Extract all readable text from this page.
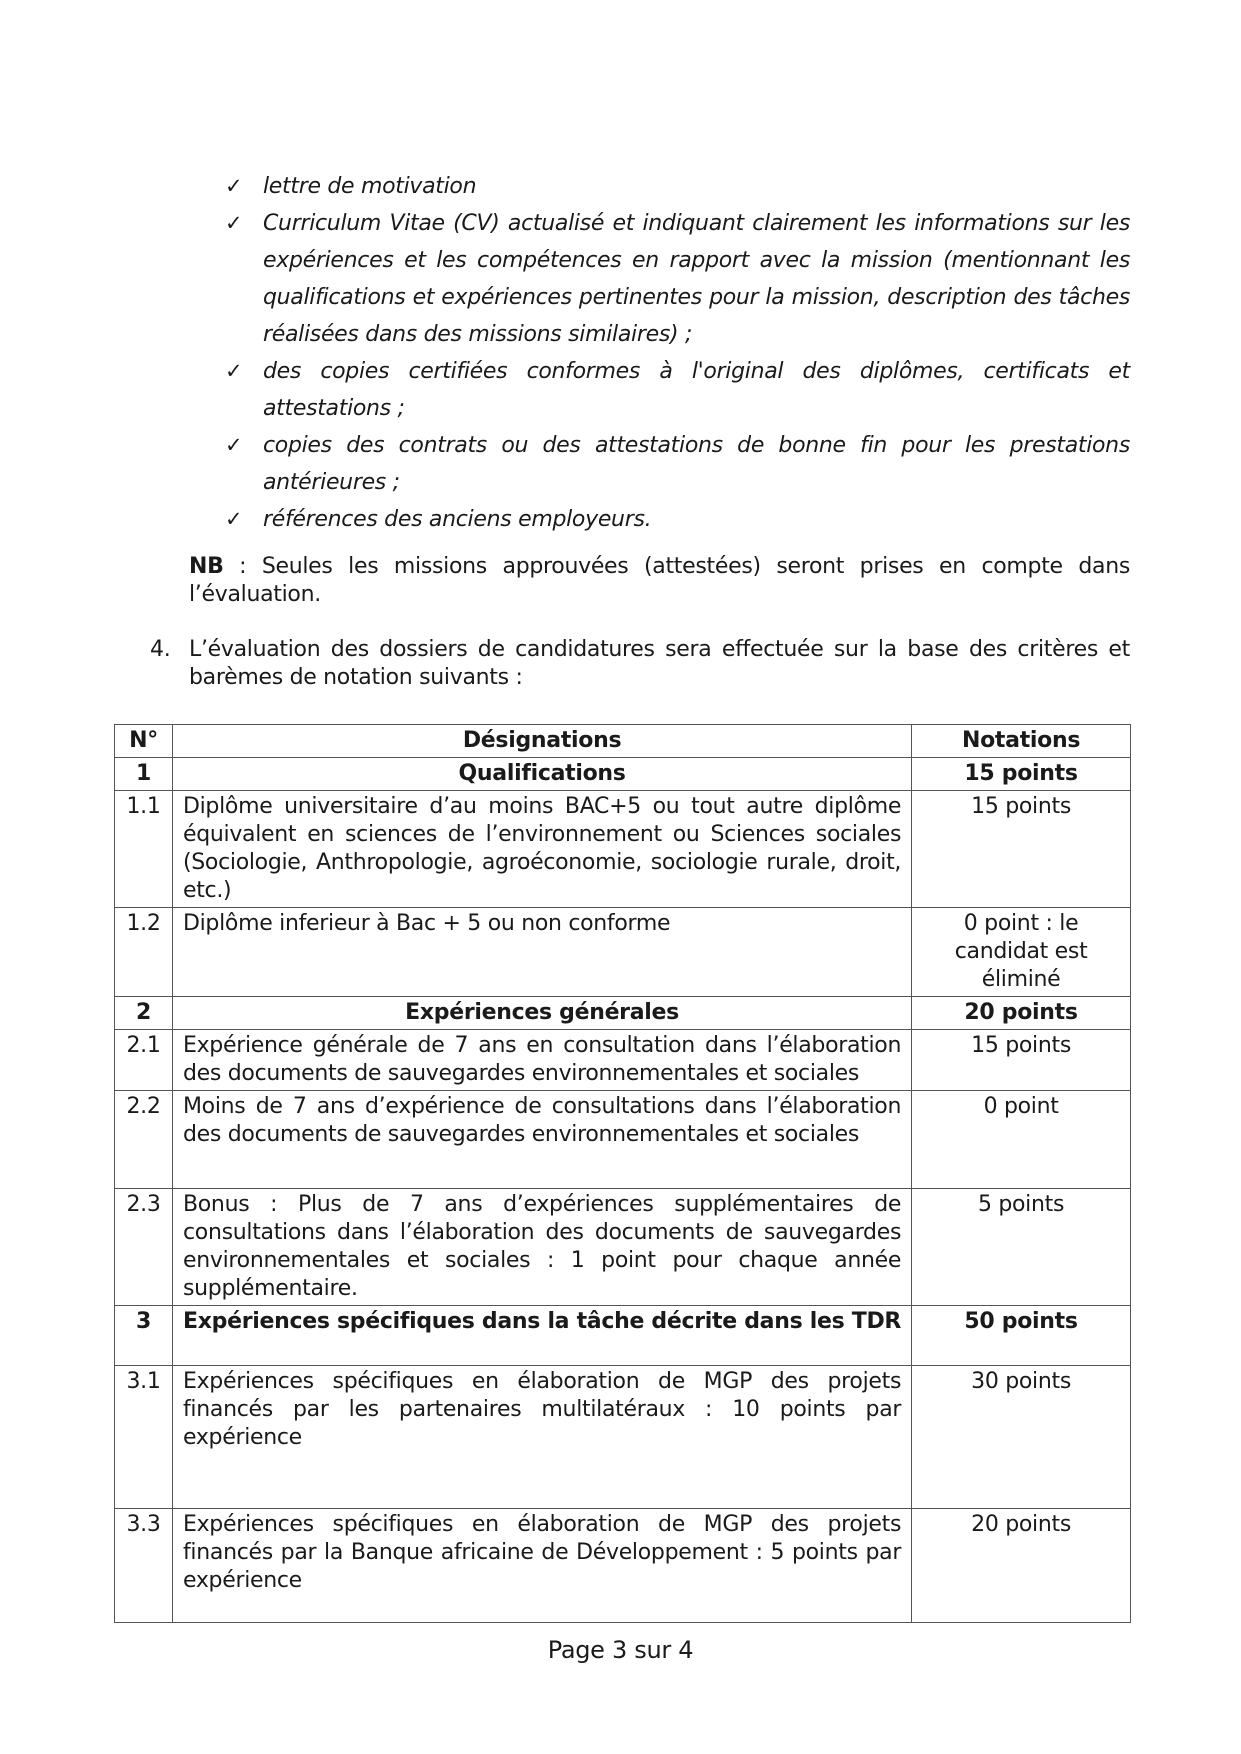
✓ lettre de motivation
✓ Curriculum Vitae (CV) actualisé et indiquant clairement les informations sur les expériences et les compétences en rapport avec la mission (mentionnant les qualifications et expériences pertinentes pour la mission, description des tâches réalisées dans des missions similaires) ;
✓ des copies certifiées conformes à l'original des diplômes, certificats et attestations ;
✓ copies des contrats ou des attestations de bonne fin pour les prestations antérieures ;
✓ références des anciens employeurs.

NB : Seules les missions approuvées (attestées) seront prises en compte dans l’évaluation.

4. L’évaluation des dossiers de candidatures sera effectuée sur la base des critères et barèmes de notation suivants :

N°	Désignations	Notations
1	Qualifications	15 points
1.1	Diplôme universitaire d’au moins BAC+5 ou tout autre diplôme équivalent en sciences de l’environnement ou Sciences sociales (Sociologie, Anthropologie, agroéconomie, sociologie rurale, droit, etc.)	15 points
1.2	Diplôme inferieur à Bac + 5 ou non conforme	0 point : le candidat est éliminé
2	Expériences générales	20 points
2.1	Expérience générale de 7 ans en consultation dans l’élaboration des documents de sauvegardes environnementales et sociales	15 points
2.2	Moins de 7 ans d’expérience de consultations dans l’élaboration des documents de sauvegardes environnementales et sociales	0 point
2.3	Bonus : Plus de 7 ans d’expériences supplémentaires de consultations dans l’élaboration des documents de sauvegardes environnementales et sociales : 1 point pour chaque année supplémentaire.	5 points
3	Expériences spécifiques dans la tâche décrite dans les TDR	50 points
3.1	Expériences spécifiques en élaboration de MGP des projets financés par les partenaires multilatéraux : 10 points par expérience	30 points
3.3	Expériences spécifiques en élaboration de MGP des projets financés par la Banque africaine de Développement : 5 points par expérience	20 points
Page 3 sur 4
